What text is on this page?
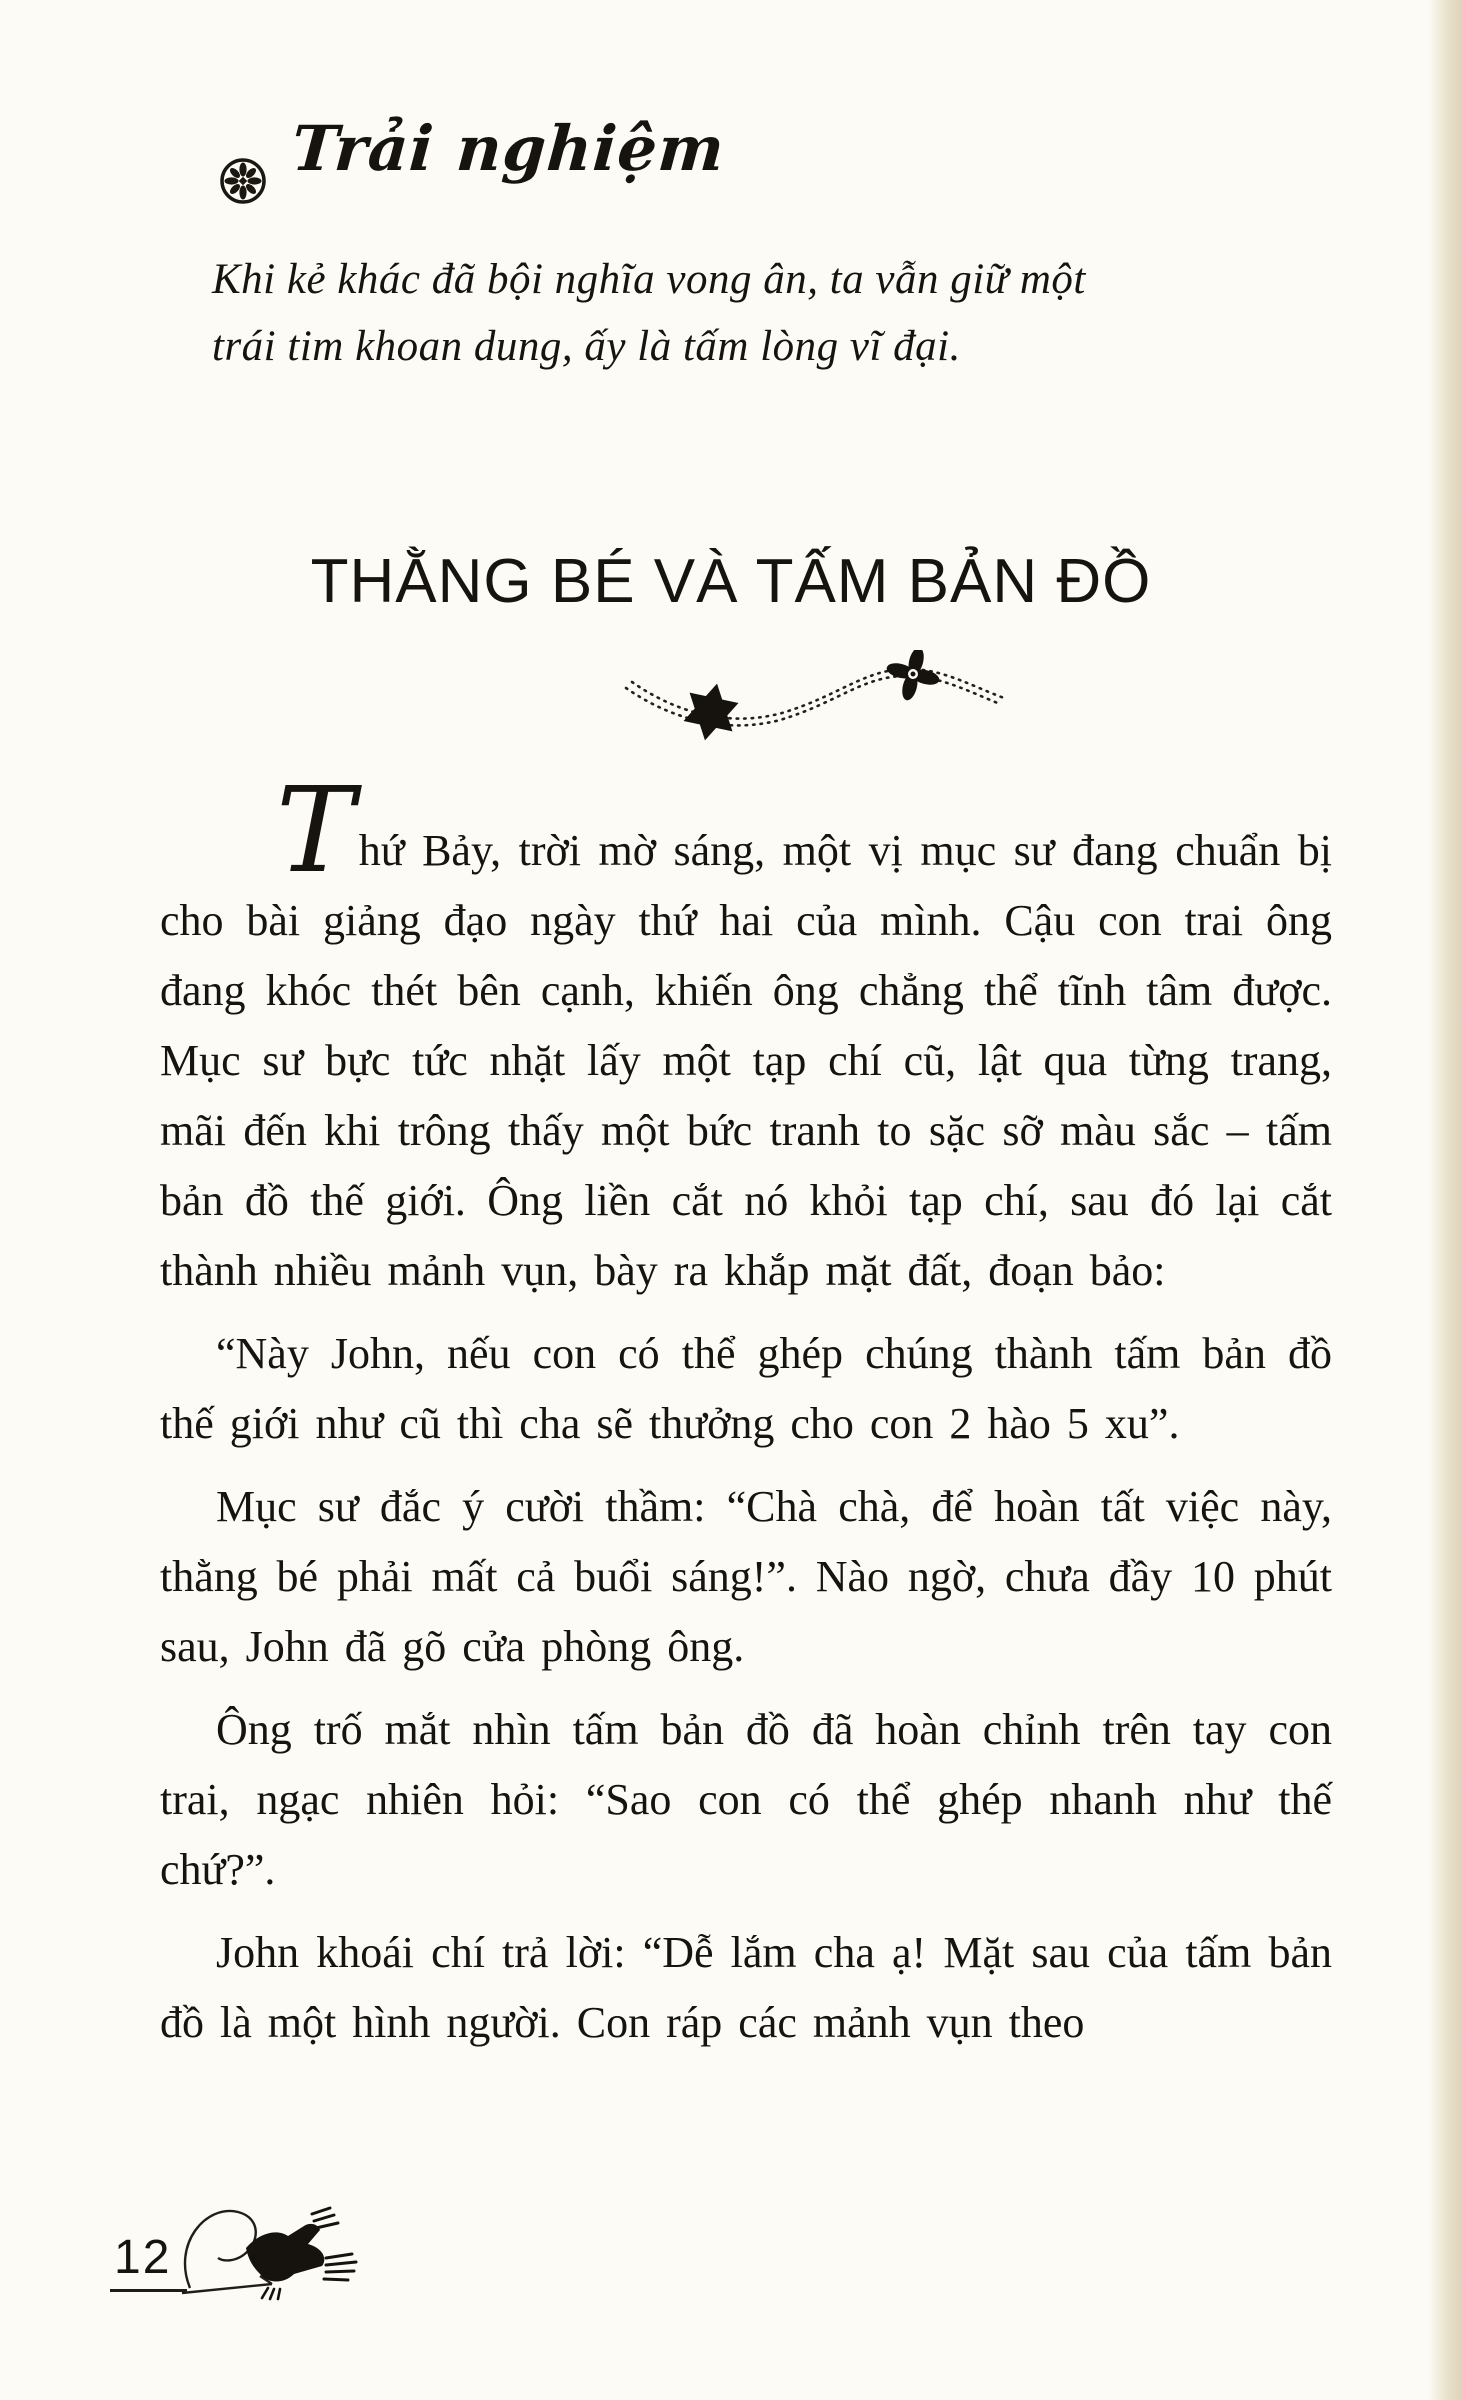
Trải nghiệm
Khi kẻ khác đã bội nghĩa vong ân, ta vẫn giữ một
trái tim khoan dung, ấy là tấm lòng vĩ đại.
THẰNG BÉ VÀ TẤM BẢN ĐỒ

Thứ Bảy, trời mờ sáng, một vị mục sư đang chuẩn bị cho bài giảng đạo ngày thứ hai của mình. Cậu con trai ông đang khóc thét bên cạnh, khiến ông chẳng thể tĩnh tâm được. Mục sư bực tức nhặt lấy một tạp chí cũ, lật qua từng trang, mãi đến khi trông thấy một bức tranh to sặc sỡ màu sắc – tấm bản đồ thế giới. Ông liền cắt nó khỏi tạp chí, sau đó lại cắt thành nhiều mảnh vụn, bày ra khắp mặt đất, đoạn bảo:

“Này John, nếu con có thể ghép chúng thành tấm bản đồ thế giới như cũ thì cha sẽ thưởng cho con 2 hào 5 xu”.

Mục sư đắc ý cười thầm: “Chà chà, để hoàn tất việc này, thằng bé phải mất cả buổi sáng!”. Nào ngờ, chưa đầy 10 phút sau, John đã gõ cửa phòng ông.

Ông trố mắt nhìn tấm bản đồ đã hoàn chỉnh trên tay con trai, ngạc nhiên hỏi: “Sao con có thể ghép nhanh như thế chứ?”.

John khoái chí trả lời: “Dễ lắm cha ạ! Mặt sau của tấm bản đồ là một hình người. Con ráp các mảnh vụn theo

12
